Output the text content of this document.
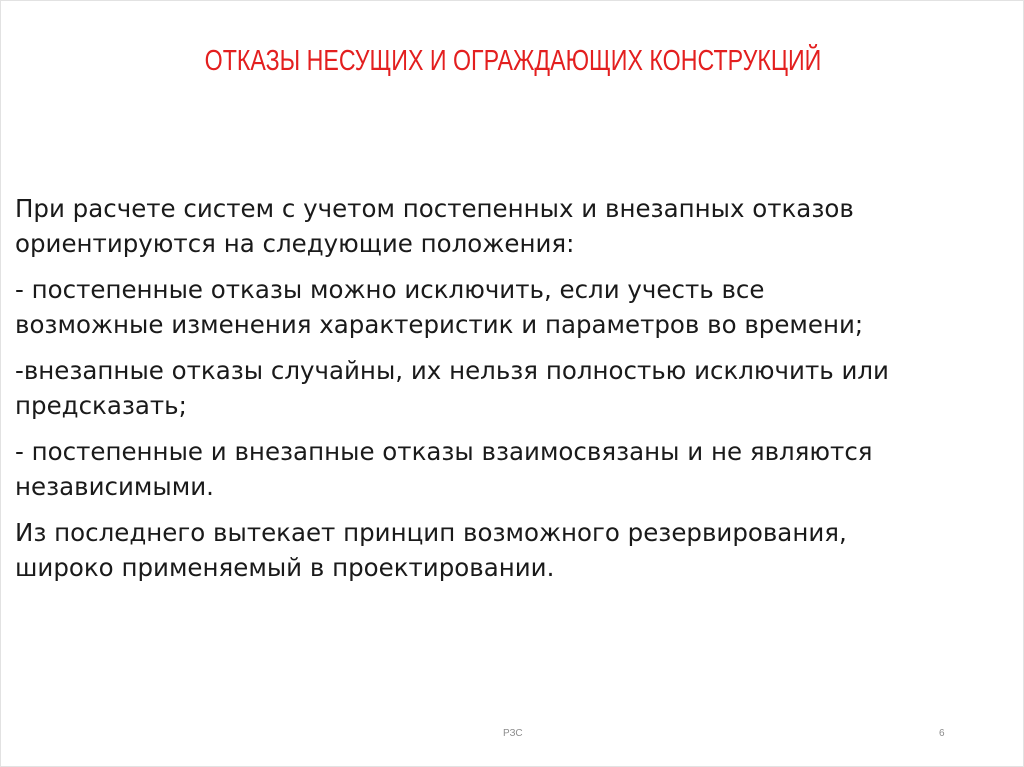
ОТКАЗЫ НЕСУЩИХ И ОГРАЖДАЮЩИХ КОНСТРУКЦИЙ

При расчете систем с учетом постепенных и внезапных отказов
ориентируются на следующие положения:

- постепенные отказы можно исключить, если учесть все
возможные изменения характеристик и параметров во времени;

-внезапные отказы случайны, их нельзя полностью исключить или
предсказать;

- постепенные и внезапные отказы взаимосвязаны и не являются
независимыми.

Из последнего вытекает принцип возможного резервирования,
широко применяемый в проектировании.

РЗС	6
